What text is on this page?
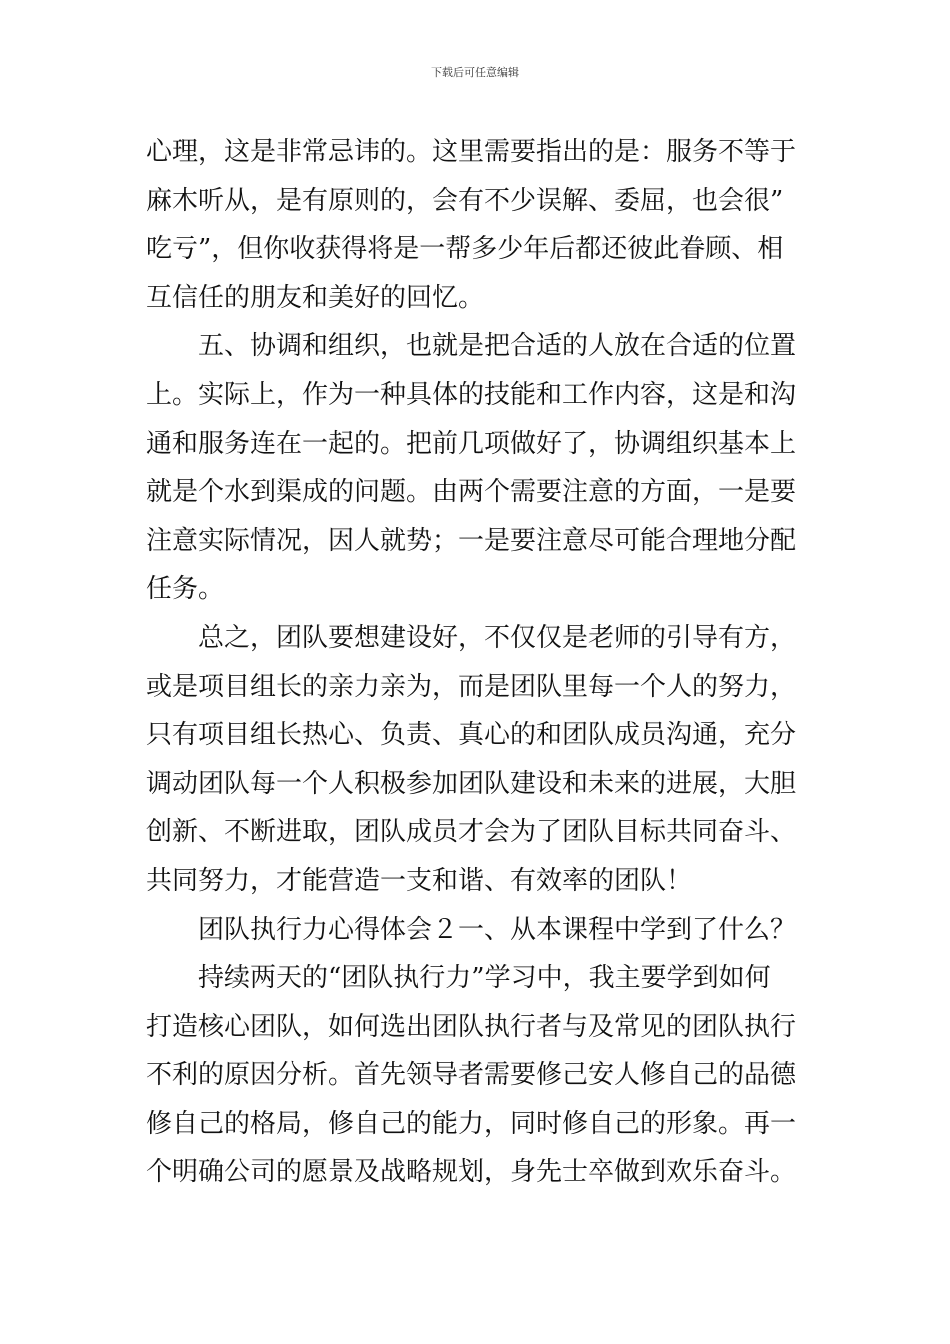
下载后可任意编辑
心理，这是非常忌讳的。这里需要指出的是：服务不等于
麻木听从，是有原则的，会有不少误解、委屈，也会很”
吃亏”，但你收获得将是一帮多少年后都还彼此眷顾、相
互信任的朋友和美好的回忆。
五、协调和组织，也就是把合适的人放在合适的位置
上。实际上，作为一种具体的技能和工作内容，这是和沟
通和服务连在一起的。把前几项做好了，协调组织基本上
就是个水到渠成的问题。由两个需要注意的方面，一是要
注意实际情况，因人就势；一是要注意尽可能合理地分配
任务。
总之，团队要想建设好，不仅仅是老师的引导有方，
或是项目组长的亲力亲为，而是团队里每一个人的努力，
只有项目组长热心、负责、真心的和团队成员沟通，充分
调动团队每一个人积极参加团队建设和未来的进展，大胆
创新、不断进取，团队成员才会为了团队目标共同奋斗、
共同努力，才能营造一支和谐、有效率的团队！
团队执行力心得体会２一、从本课程中学到了什么？
持续两天的“团队执行力”学习中，我主要学到如何
打造核心团队，如何选出团队执行者与及常见的团队执行
不利的原因分析。首先领导者需要修己安人修自己的品德
修自己的格局，修自己的能力，同时修自己的形象。再一
个明确公司的愿景及战略规划，身先士卒做到欢乐奋斗。
